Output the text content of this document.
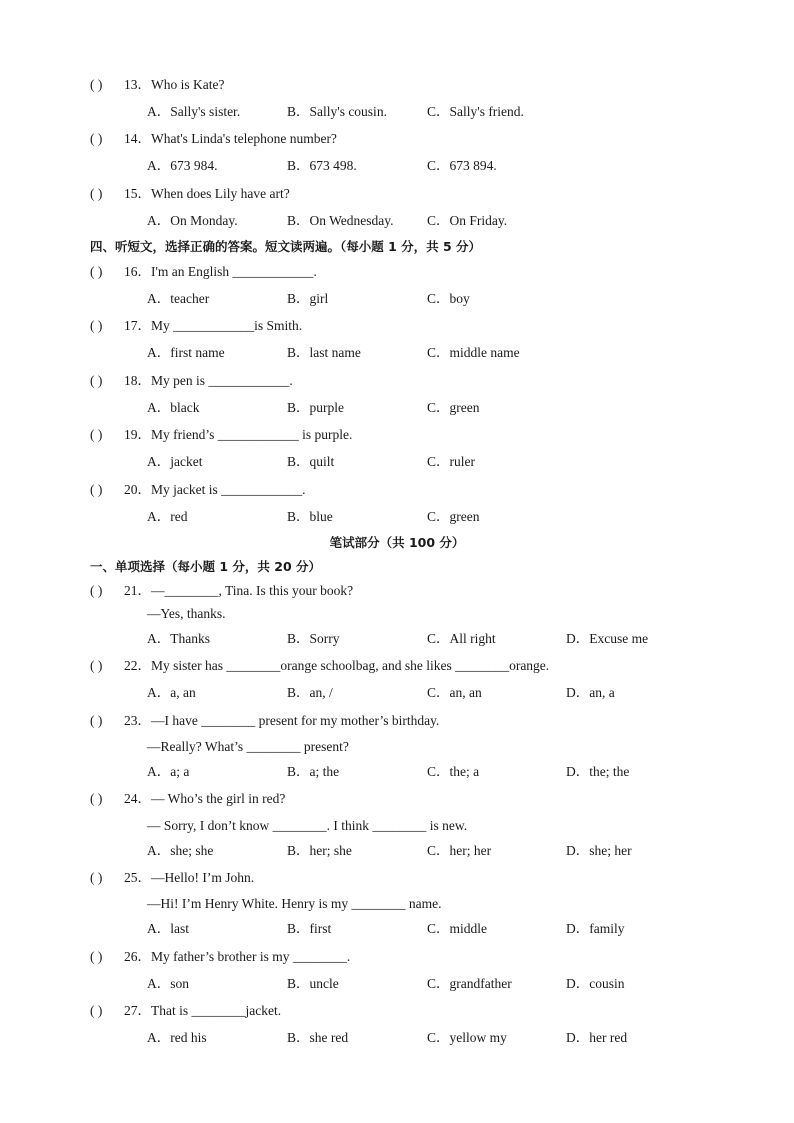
( ) 13．Who is Kate?
A．Sally's sister.	B．Sally's cousin.	C．Sally's friend.
( ) 14．What's Linda's telephone number?
A．673 984.	B．673 498.	C．673 894.
( ) 15．When does Lily have art?
A．On Monday.	B．On Wednesday. C．On Friday.
四、听短文，选择正确的答案。短文读两遍。（每小题 1 分，共 5 分）
( ) 16．I'm an English ____________.
A．teacher	B．girl	C．boy
( ) 17．My ____________is Smith.
A．first name	B．last name	C．middle name
( ) 18．My pen is ____________.
A．black	B．purple	C．green
( ) 19．My friend’s ____________ is purple.
A．jacket	B．quilt	C．ruler
( ) 20．My jacket is ____________.
A．red	B．blue	C．green
笔试部分（共 100 分）
一、单项选择（每小题 1 分，共 20 分）
( ) 21．—________, Tina. Is this your book?
—Yes, thanks.
A．Thanks	B．Sorry	C．All right	D．Excuse me
( ) 22．My sister has ________orange schoolbag, and she likes ________orange.
A．a, an	B．an, /	C．an, an	D．an, a
( ) 23．—I have ________ present for my mother’s birthday.
—Really? What’s ________ present?
A．a; a	B．a; the	C．the; a	D．the; the
( ) 24．— Who’s the girl in red?
— Sorry, I don’t know ________. I think ________ is new.
A．she; she	B．her; she	C．her; her	D．she; her
( ) 25．—Hello! I’m John.
—Hi! I’m Henry White. Henry is my ________ name.
A．last	B．first	C．middle	D．family
( ) 26．My father’s brother is my ________.
A．son	B．uncle	C．grandfather	D．cousin
( ) 27．That is ________jacket.
A．red his	B．she red	C．yellow my	D．her red
